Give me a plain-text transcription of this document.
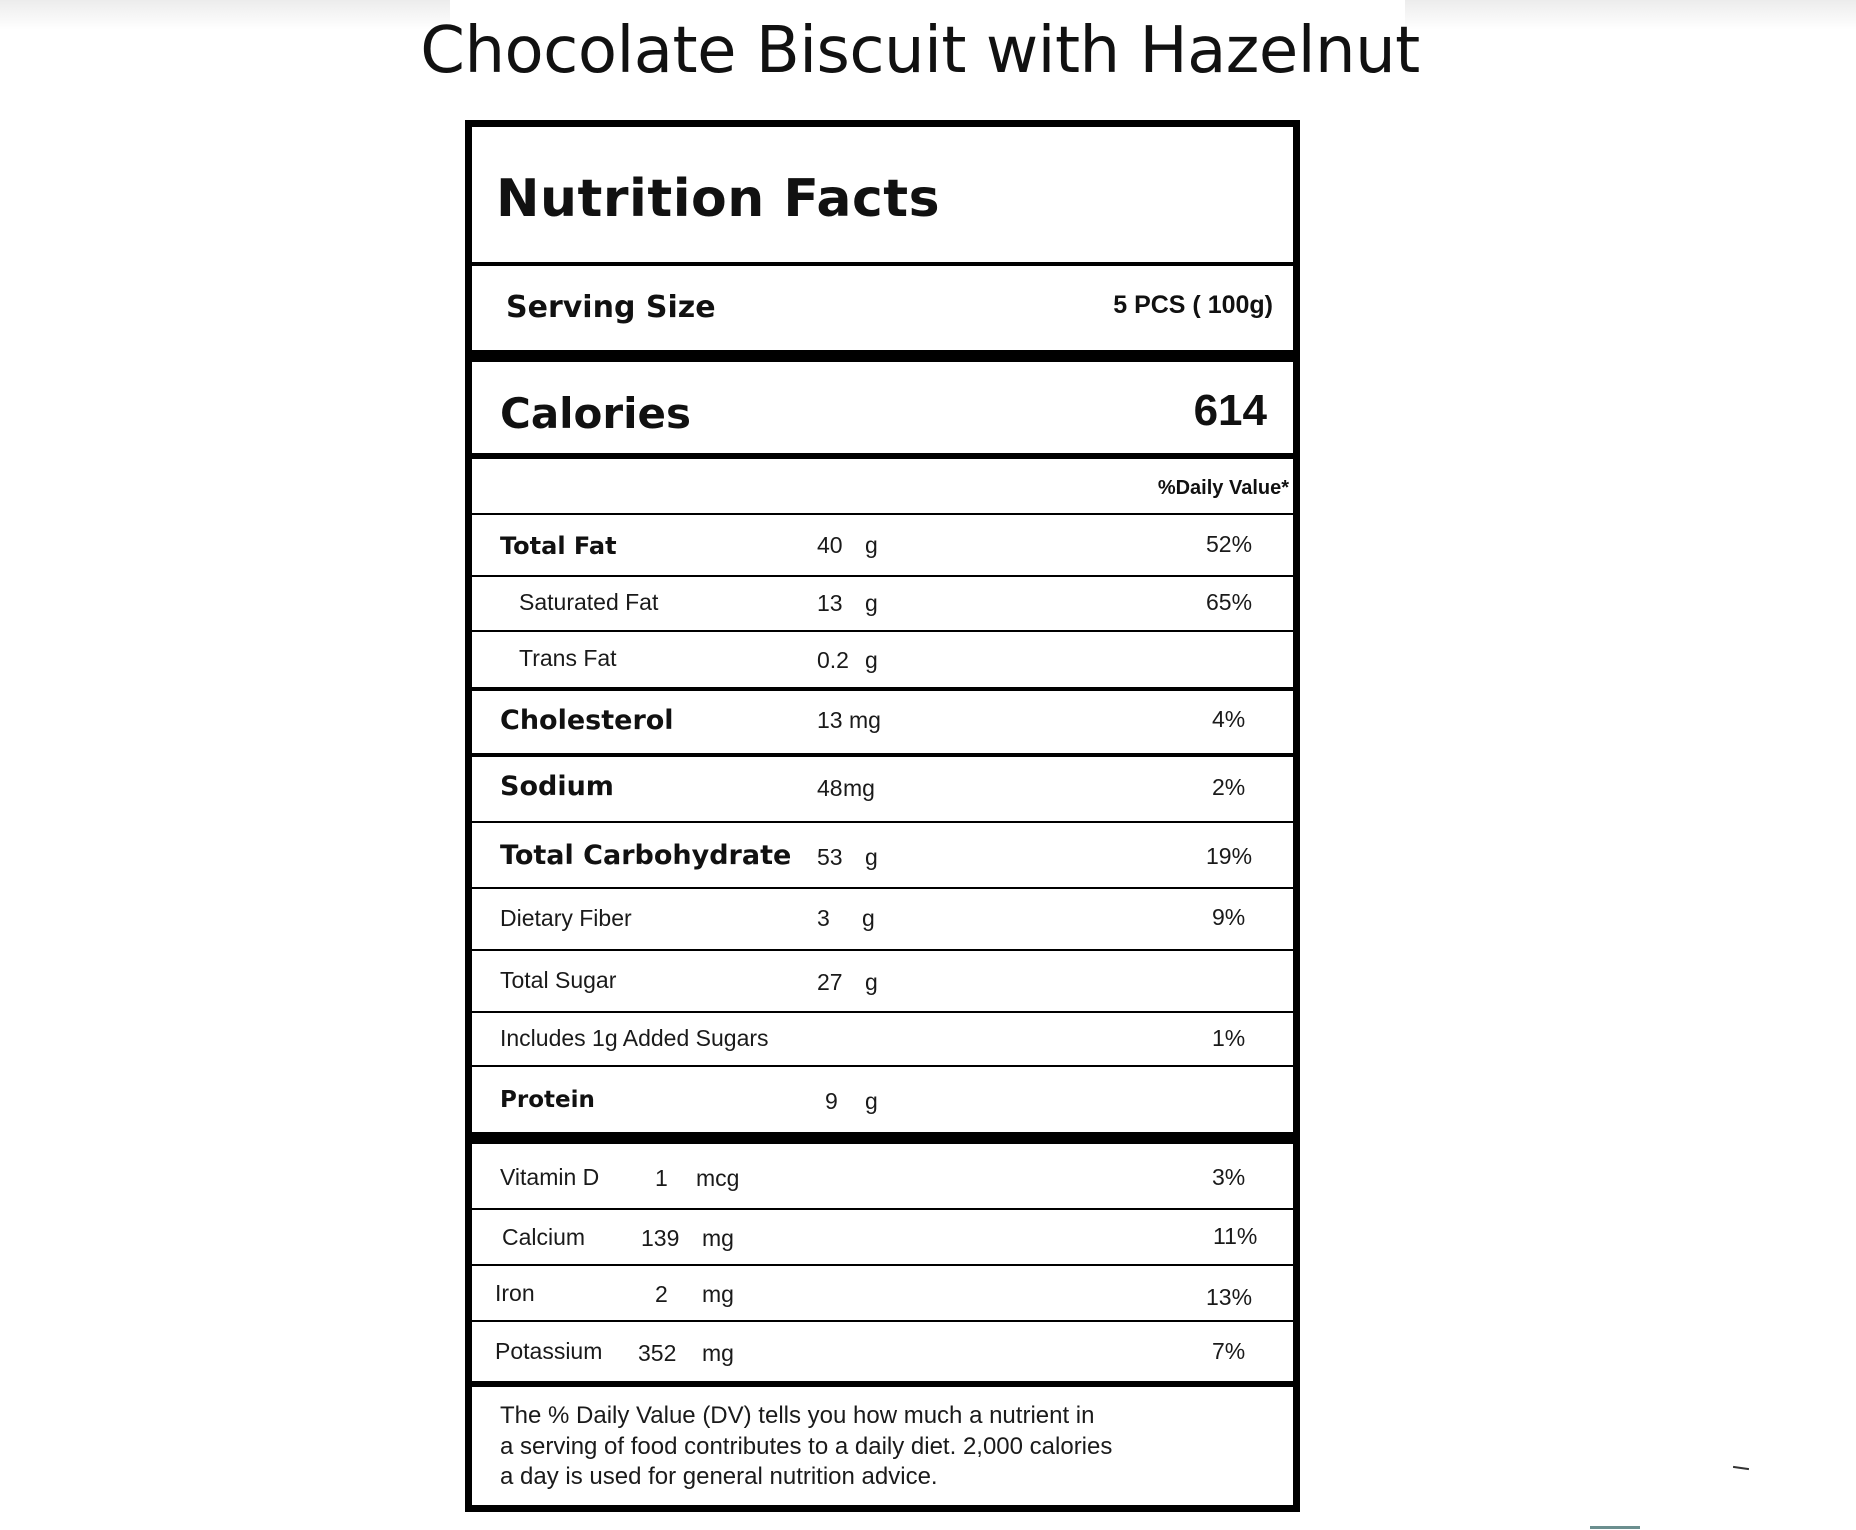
Chocolate Biscuit with Hazelnut
Nutrition Facts
Serving Size	5 PCS ( 100g)
Calories	614
%Daily Value*
Total Fat	40 g	52%
Saturated Fat	13 g	65%
Trans Fat	0.2 g
Cholesterol	13 mg	4%
Sodium	48 mg	2%
Total Carbohydrate 53 g	19%
Dietary Fiber	3 g	9%
Total Sugar	27 g
Includes 1g Added Sugars	1%
Protein	9 g
Vitamin D 1 mcg	3%
Calcium 139 mg	11%
Iron	2 mg	13%
Potassium 352 mg	7%
The % Daily Value (DV) tells you how much a nutrient in
a serving of food contributes to a daily diet. 2,000 calories
a day is used for general nutrition advice.
